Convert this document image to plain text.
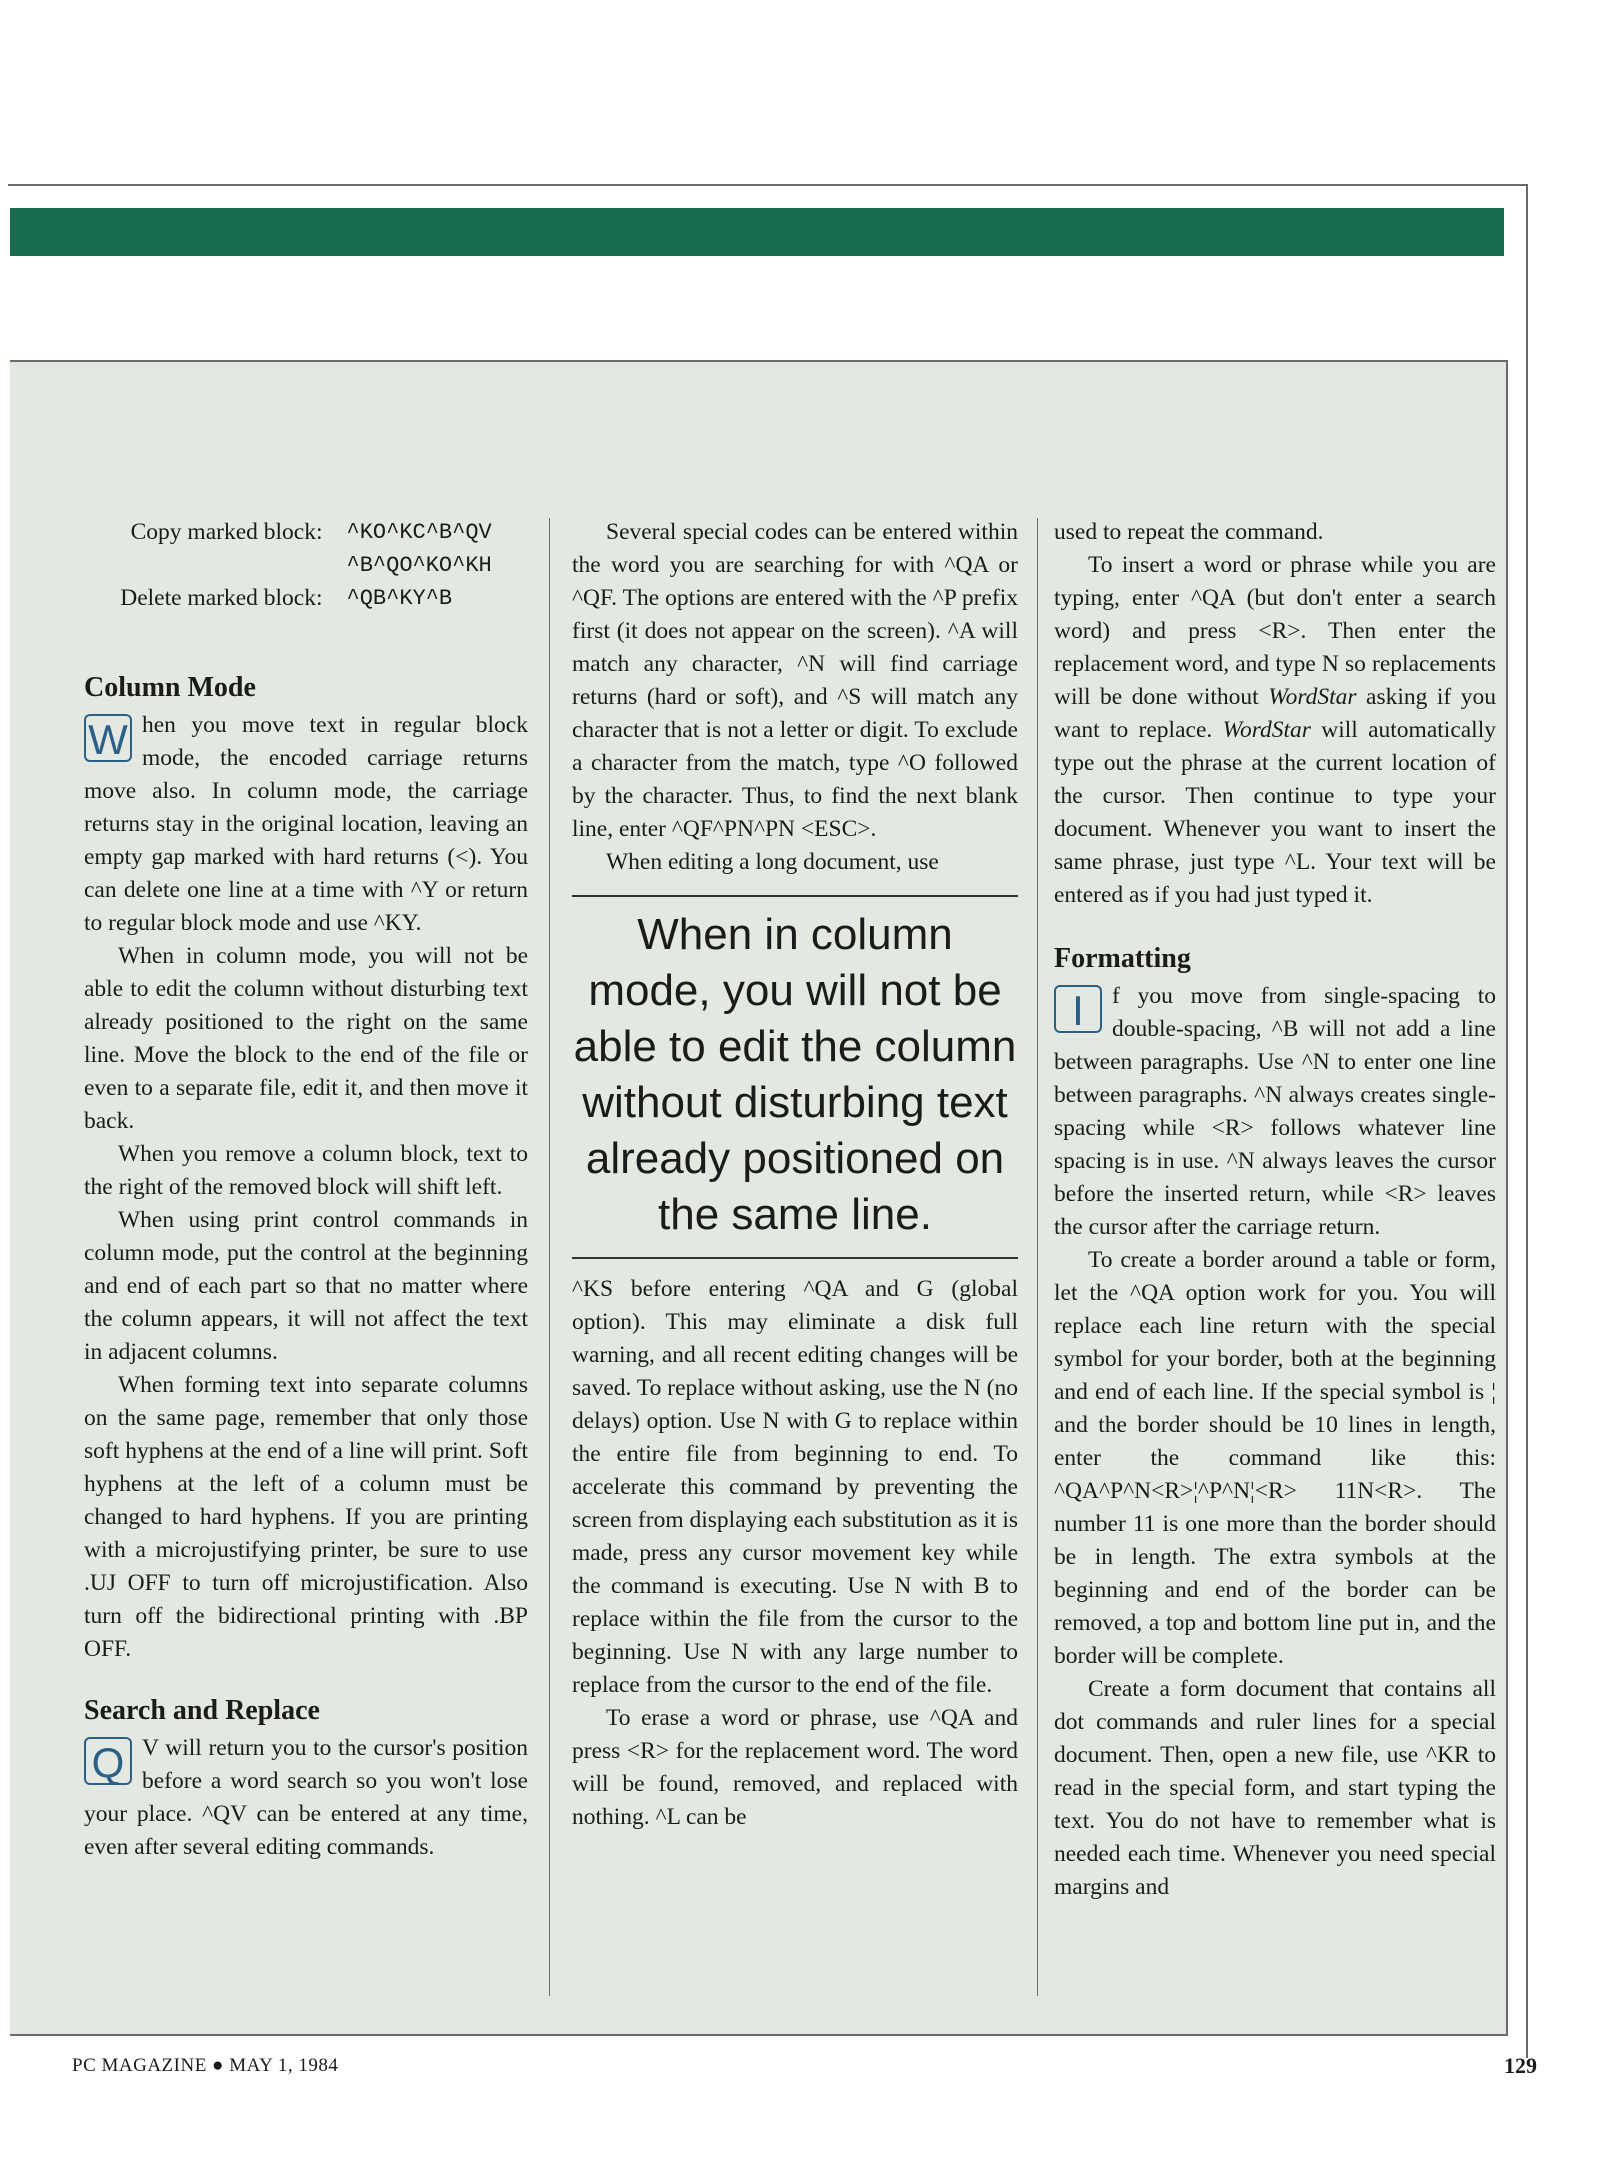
Copy marked block: ^KO^KC^B^QV
^B^QO^KO^KH
Delete marked block: ^QB^KY^B
Column Mode

W hen you move text in regular block mode, the encoded carriage returns move also. In column mode, the carriage returns stay in the original location, leaving an empty gap marked with hard returns (<). You can delete one line at a time with ^Y or return to regular block mode and use ^KY.

When in column mode, you will not be able to edit the column without disturbing text already positioned to the right on the same line. Move the block to the end of the file or even to a separate file, edit it, and then move it back.

When you remove a column block, text to the right of the removed block will shift left.

When using print control commands in column mode, put the control at the beginning and end of each part so that no matter where the column appears, it will not affect the text in adjacent columns.

When forming text into separate columns on the same page, remember that only those soft hyphens at the end of a line will print. Soft hyphens at the left of a column must be changed to hard hyphens. If you are printing with a microjustifying printer, be sure to use .UJ OFF to turn off microjustification. Also turn off the bidirectional printing with .BP OFF.

Search and Replace

Q V will return you to the cursor's position before a word search so you won't lose your place. ^QV can be entered at any time, even after several editing commands.

Several special codes can be entered within the word you are searching for with ^QA or ^QF. The options are entered with the ^P prefix first (it does not appear on the screen). ^A will match any character, ^N will find carriage returns (hard or soft), and ^S will match any character that is not a letter or digit. To exclude a character from the match, type ^O followed by the character. Thus, to find the next blank line, enter ^QF^PN^PN <ESC>.

When editing a long document, use

When in column mode, you will not be able to edit the column without disturbing text already positioned on the same line.

^KS before entering ^QA and G (global option). This may eliminate a disk full warning, and all recent editing changes will be saved. To replace without asking, use the N (no delays) option. Use N with G to replace within the entire file from beginning to end. To accelerate this command by preventing the screen from displaying each substitution as it is made, press any cursor movement key while the command is executing. Use N with B to replace within the file from the cursor to the beginning. Use N with any large number to replace from the cursor to the end of the file.

To erase a word or phrase, use ^QA and press <R> for the replacement word. The word will be found, removed, and replaced with nothing. ^L can be

used to repeat the command.

To insert a word or phrase while you are typing, enter ^QA (but don't enter a search word) and press <R>. Then enter the replacement word, and type N so replacements will be done without WordStar asking if you want to replace. WordStar will automatically type out the phrase at the current location of the cursor. Then continue to type your document. Whenever you want to insert the same phrase, just type ^L. Your text will be entered as if you had just typed it.

Formatting

I	f you move from single-spacing to double-spacing, ^B will not add a line between paragraphs. Use ^N to enter one line between paragraphs. ^N always creates single-spacing while <R> follows whatever line spacing is in use. ^N always leaves the cursor before the inserted return, while <R> leaves the cursor after the carriage return.

To create a border around a table or form, let the ^QA option work for you. You will replace each line return with the special symbol for your border, both at the beginning and end of each line. If the special symbol is ¦ and the border should be 10 lines in length, enter the command like this: ^QA^P^N<R>¦^P^N¦<R> 11N<R>. The number 11 is one more than the border should be in length. The extra symbols at the beginning and end of the border can be removed, a top and bottom line put in, and the border will be complete.

Create a form document that contains all dot commands and ruler lines for a special document. Then, open a new file, use ^KR to read in the special form, and start typing the text. You do not have to remember what is needed each time. Whenever you need special margins and

PC MAGAZINE ● MAY 1, 1984	129
